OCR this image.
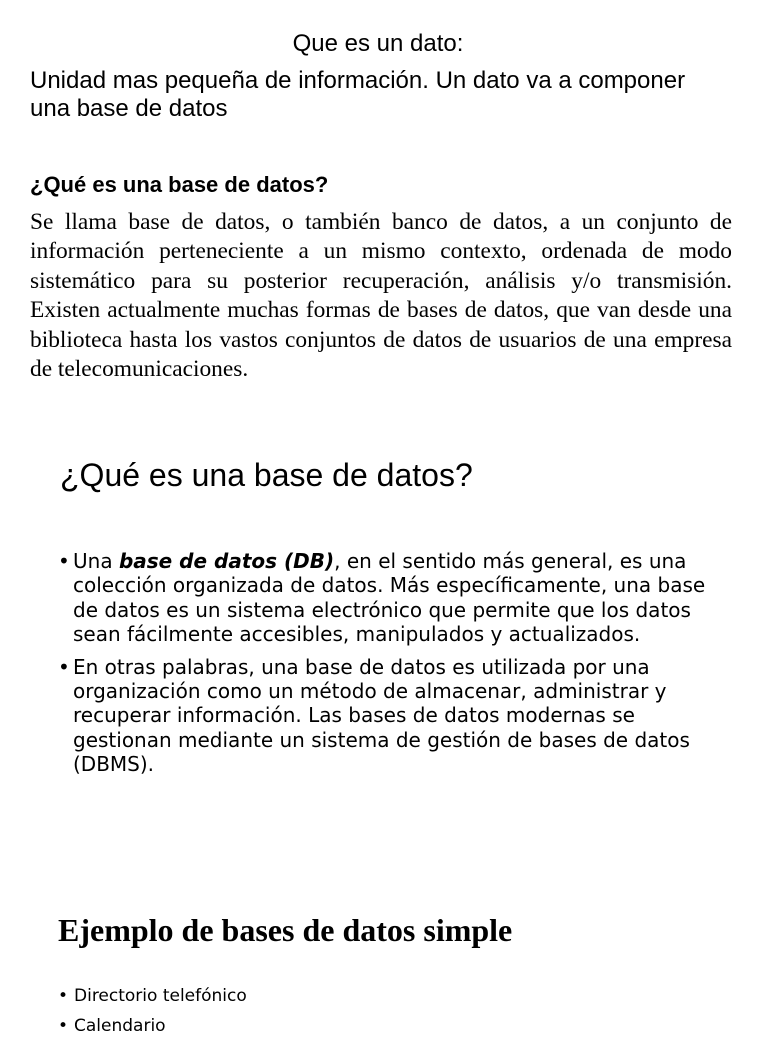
Que es un dato:
Unidad mas pequeña de información. Un dato va a componer una base de datos
¿Qué es una base de datos?
Se llama base de datos, o también banco de datos, a un conjunto de información perteneciente a un mismo contexto, ordenada de modo sistemático para su posterior recuperación, análisis y/o transmisión. Existen actualmente muchas formas de bases de datos, que van desde una biblioteca hasta los vastos conjuntos de datos de usuarios de una empresa de telecomunicaciones.
¿Qué es una base de datos?
• Una base de datos (DB), en el sentido más general, es una colección organizada de datos. Más específicamente, una base de datos es un sistema electrónico que permite que los datos sean fácilmente accesibles, manipulados y actualizados.
• En otras palabras, una base de datos es utilizada por una organización como un método de almacenar, administrar y recuperar información. Las bases de datos modernas se gestionan mediante un sistema de gestión de bases de datos (DBMS).
Ejemplo de bases de datos simple
• Directorio telefónico
• Calendario
